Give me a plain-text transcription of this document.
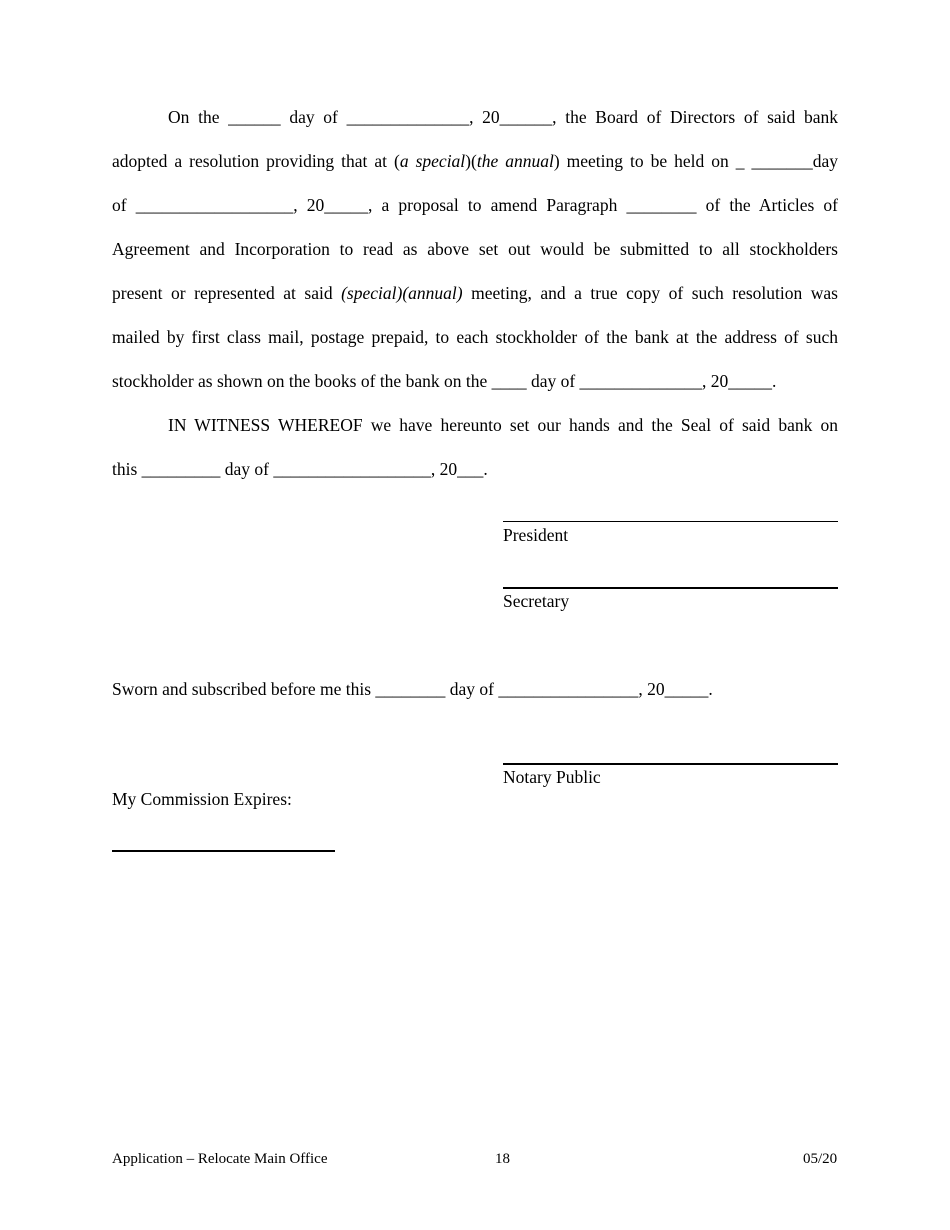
On the ______ day of ______________, 20______, the Board of Directors of said bank
adopted a resolution providing that at (a special)(the annual) meeting to be held on _ _______day
of __________________, 20_____, a proposal to amend Paragraph ________ of the Articles of
Agreement and Incorporation to read as above set out would be submitted to all stockholders
present or represented at said (special)(annual) meeting, and a true copy of such resolution was
mailed by first class mail, postage prepaid, to each stockholder of the bank at the address of such
stockholder as shown on the books of the bank on the ____ day of ______________, 20_____.
IN WITNESS WHEREOF we have hereunto set our hands and the Seal of said bank on
this _________ day of __________________, 20___.
President
Secretary
Sworn and subscribed before me this ________ day of ________________, 20_____.
Notary Public
My Commission Expires:
Application – Relocate Main Office	18	05/20
